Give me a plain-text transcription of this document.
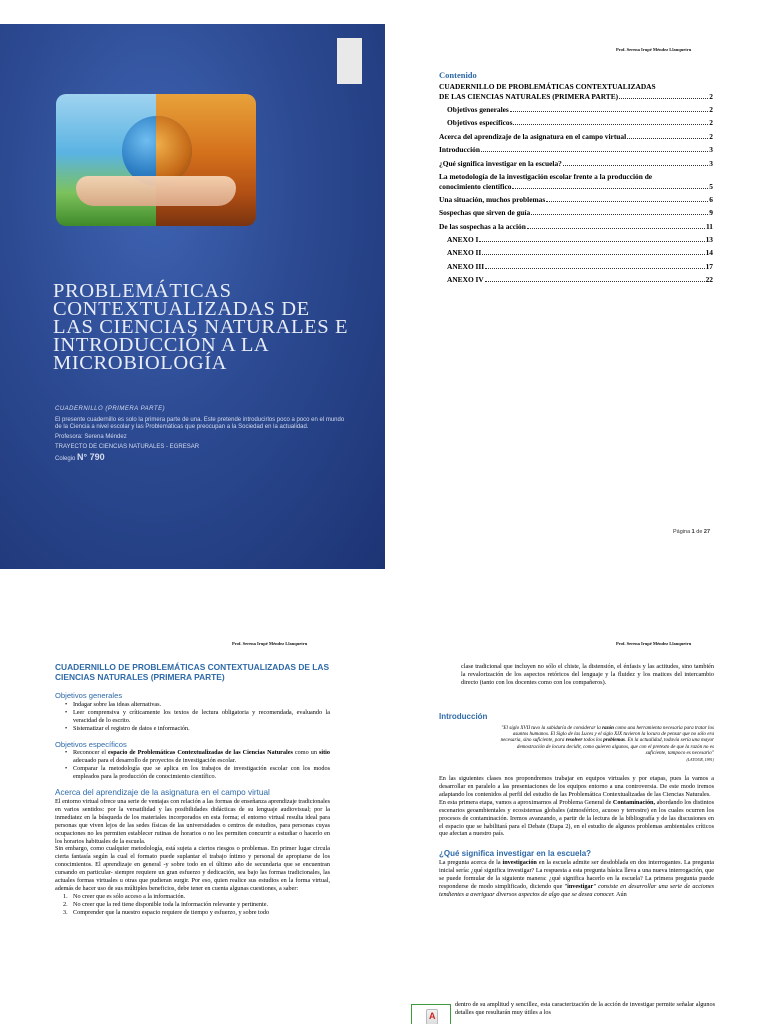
PROBLEMÁTICAS CONTEXTUALIZADAS DE LAS CIENCIAS NATURALES E INTRODUCCIÓN A LA MICROBIOLOGÍA
CUADERNILLO (PRIMERA PARTE)
El presente cuadernillo es solo la primera parte de una. Este pretende introducirlos poco a poco en el mundo de la Ciencia a nivel escolar y las Problemáticas que preocupan a la Sociedad en la actualidad.
Profesora: Serena Méndez
TRAYECTO DE CIENCIAS NATURALES - EGRESAR
Colegio N° 790
Prof. Serena Irupé Méndez Llanquetru
Contenido
CUADERNILLO DE PROBLEMÁTICAS CONTEXTUALIZADAS
DE LAS CIENCIAS NATURALES (PRIMERA PARTE)	2
Objetivos generales	2
Objetivos específicos	2
Acerca del aprendizaje de la asignatura en el campo virtual	2
Introducción	3
¿Qué significa investigar en la escuela?	3
La metodología de la investigación escolar frente a la producción de
conocimiento científico	5
Una situación, muchos problemas	6
Sospechas que sirven de guía	9
De las sospechas a la acción	11
ANEXO I	13
ANEXO II	14
ANEXO III	17
ANEXO IV	22
Página 1 de 27
Prof. Serena Irupé Méndez Llanquetru
CUADERNILLO DE PROBLEMÁTICAS CONTEXTUALIZADAS DE LAS CIENCIAS NATURALES (PRIMERA PARTE)
Objetivos generales
• Indagar sobre las ideas alternativas.
• Leer comprensiva y críticamente los textos de lectura obligatoria y recomendada, evaluando la veracidad de lo escrito.
• Sistematizar el registro de datos e información.
Objetivos específicos
• Reconocer el espacio de Problemáticas Contextualizadas de las Ciencias Naturales como un sitio adecuado para el desarrollo de proyectos de investigación escolar.
• Comparar la metodología que se aplica en los trabajos de investigación escolar con los modos empleados para la producción de conocimiento científico.
Acerca del aprendizaje de la asignatura en el campo virtual

El entorno virtual ofrece una serie de ventajas con relación a las formas de enseñanza aprendizaje tradicionales en varios sentidos: por la versatilidad y las posibilidades didácticas de su lenguaje audiovisual; por la inmediatez en la búsqueda de los materiales incorporados en esta forma; el entorno virtual resulta ideal para personas que viven lejos de las sedes físicas de las universidades o centros de estudios, para personas cuyas ocupaciones no les permiten establecer rutinas de horarios o no les permiten concurrir a estudiar o hacerlo en los horarios habituales de la escuela.

Sin embargo, como cualquier metodología, está sujeta a ciertos riesgos o problemas. En primer lugar circula cierta fantasía según la cual el formato puede suplantar el trabajo íntimo y personal de apropiarse de los conocimientos. El aprendizaje en general -y sobre todo en el último año de secundaria que se encuentran cursando en particular- siempre requiere un gran esfuerzo y dedicación, sea bajo las formas tradicionales, las actuales formas virtuales u otras que pudieran surgir. Por eso, quien realice sus estudios en la forma virtual, además de hacer uso de sus múltiples beneficios, debe tener en cuenta algunas cuestiones, a saber:

1. No creer que es sólo acceso a la información.
2. No creer que la red tiene disponible toda la información relevante y pertinente.
3. Comprender que la nuestro espacio requiere de tiempo y esfuerzo, y sobre todo
Prof. Serena Irupé Méndez Llanquetru

clase tradicional que incluyen no sólo el chiste, la distensión, el énfasis y las actitudes, sino también la revalorización de los aspectos retóricos del lenguaje y la fluidez y los matices del intercambio directo (tanto con los docentes como con los compañeros).

Introducción

"El siglo XVII tuvo la sabiduría de considerar la razón como una herramienta necesaria para tratar los asuntos humanos. El Siglo de las Luces y el siglo XIX tuvieron la locura de pensar que no sólo era necesaria, sino suficiente, para resolver todos los problemas. En la actualidad, todavía sería una mayor demostración de locura decidir, como quieren algunos, que con el pretexto de que la razón no es suficiente, tampoco es necesario"
(LATOUR, 1991)

En las siguientes clases nos propondremos trabajar en equipos virtuales y por etapas, pues la vamos a desarrollar en paralelo a las presentaciones de los equipos entorno a una controversia. De este modo iremos adaptando los contenidos al perfil del estudio de las Problemática Contextualizadas de las Ciencias Naturales.

En esta primera etapa, vamos a aproximarnos al Problema General de Contaminación, abordando los distintos escenarios geoambientales y ecosistemas globales (atmosférico, acuoso y terrestre) en los cuales ocurren los procesos de contaminación. Iremos avanzando, a partir de la lectura de la bibliografía y de las discusiones en el espacio que se habilitará para el Debate (Etapa 2), en el estudio de algunos problemas ambientales críticos que afectan a nuestro país.

¿Qué significa investigar en la escuela?

La pregunta acerca de la investigación en la escuela admite ser desdoblada en dos interrogantes. La pregunta inicial sería: ¿qué significa investigar? La respuesta a esta pregunta básica lleva a una nueva interrogación, que se puede formular de la siguiente manera: ¿qué significa hacerlo en la escuela? La primera pregunta puede responderse de modo simplificado, diciendo que "investigar" consiste en desarrollar una serie de acciones tendientes a averiguar diversos aspectos de algo que se desea conocer. Aún

A
dentro de su amplitud y sencillez, esta caracterización de la acción de investigar permite señalar algunos detalles que resultarán muy útiles a los
